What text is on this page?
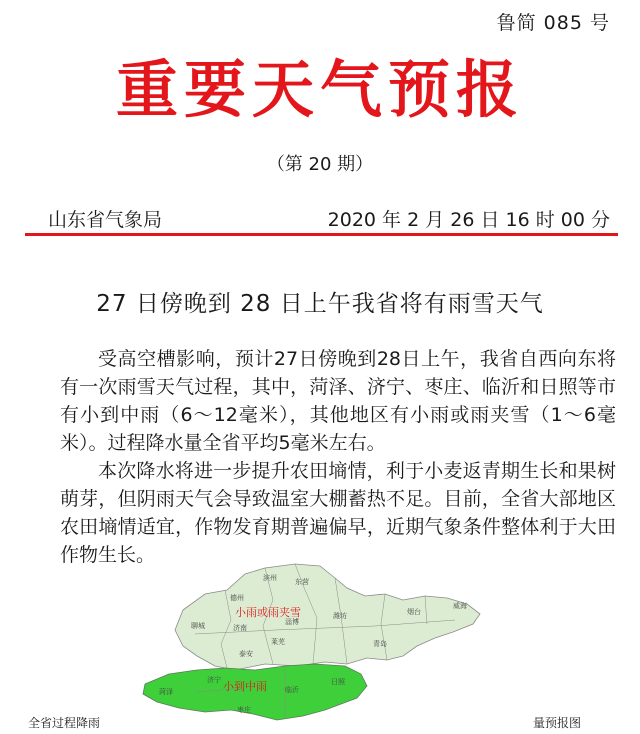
鲁简 085 号
重要天气预报
（第 20 期）
山东省气象局	2020 年 2 月 26 日 16 时 00 分
27 日傍晚到 28 日上午我省将有雨雪天气

受高空槽影响，预计27日傍晚到28日上午，我省自西向东将有一次雨雪天气过程，其中，菏泽、济宁、枣庄、临沂和日照等市有小到中雨（6～12毫米），其他地区有小雨或雨夹雪（1～6毫米）。过程降水量全省平均5毫米左右。

本次降水将进一步提升农田墒情，利于小麦返青期生长和果树萌芽，但阴雨天气会导致温室大棚蓄热不足。目前，全省大部地区农田墒情适宜，作物发育期普遍偏早，近期气象条件整体利于大田作物生长。

小雨或雨夹雪
小到中雨
滨州	东营
德州
淄博
潍坊	烟台
威海
聊城	济南
莱芜
泰安
青岛
菏泽
济宁
临沂
日照
枣庄
全省过程降雨	量预报图
